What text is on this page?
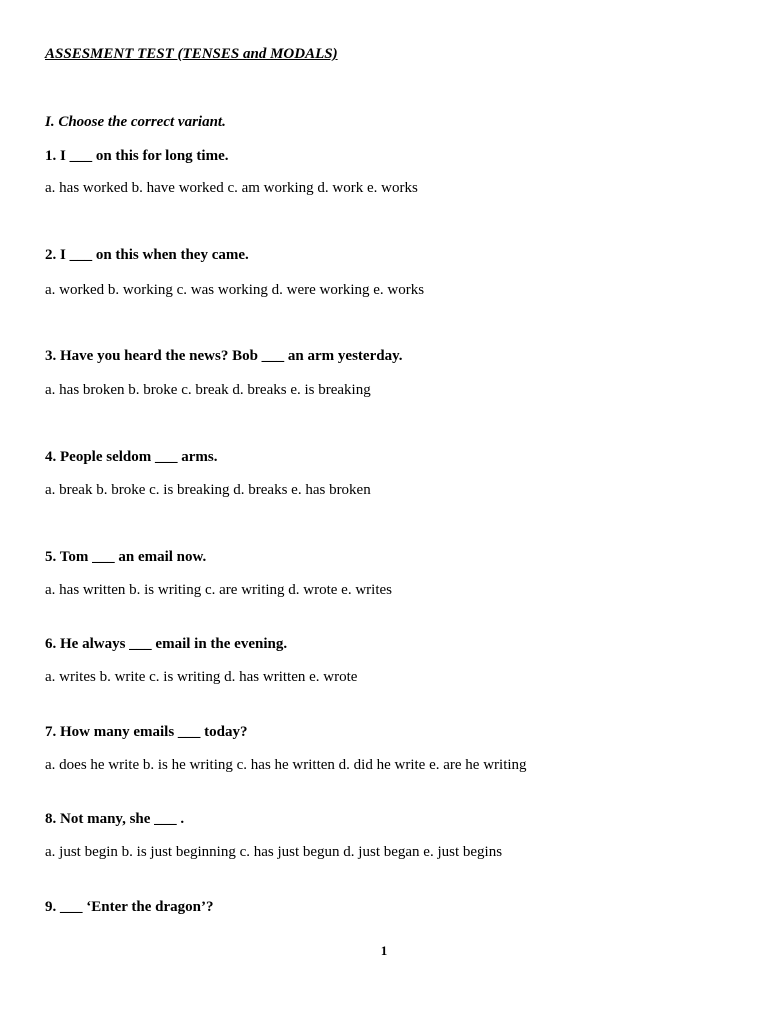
ASSESMENT TEST (TENSES and MODALS)
I. Choose the correct variant.
1. I ___ on this for long time.
a. has worked b. have worked c. am working d. work e. works
2. I ___ on this when they came.
a. worked b. working c. was working d. were working e. works
3. Have you heard the news? Bob ___ an arm yesterday.
a. has broken b. broke c. break d. breaks e. is breaking
4. People seldom ___ arms.
a. break b. broke c. is breaking d. breaks e. has broken
5. Tom ___ an email now.
a. has written b. is writing c. are writing d. wrote e. writes
6. He always ___ email in the evening.
a. writes b. write c. is writing d. has written e. wrote
7. How many emails ___ today?
a. does he write b. is he writing c. has he written d. did he write e. are he writing
8. Not many, she ___ .
a. just begin b. is just beginning c. has just begun d. just began e. just begins
9. ___ ‘Enter the dragon’?
1
